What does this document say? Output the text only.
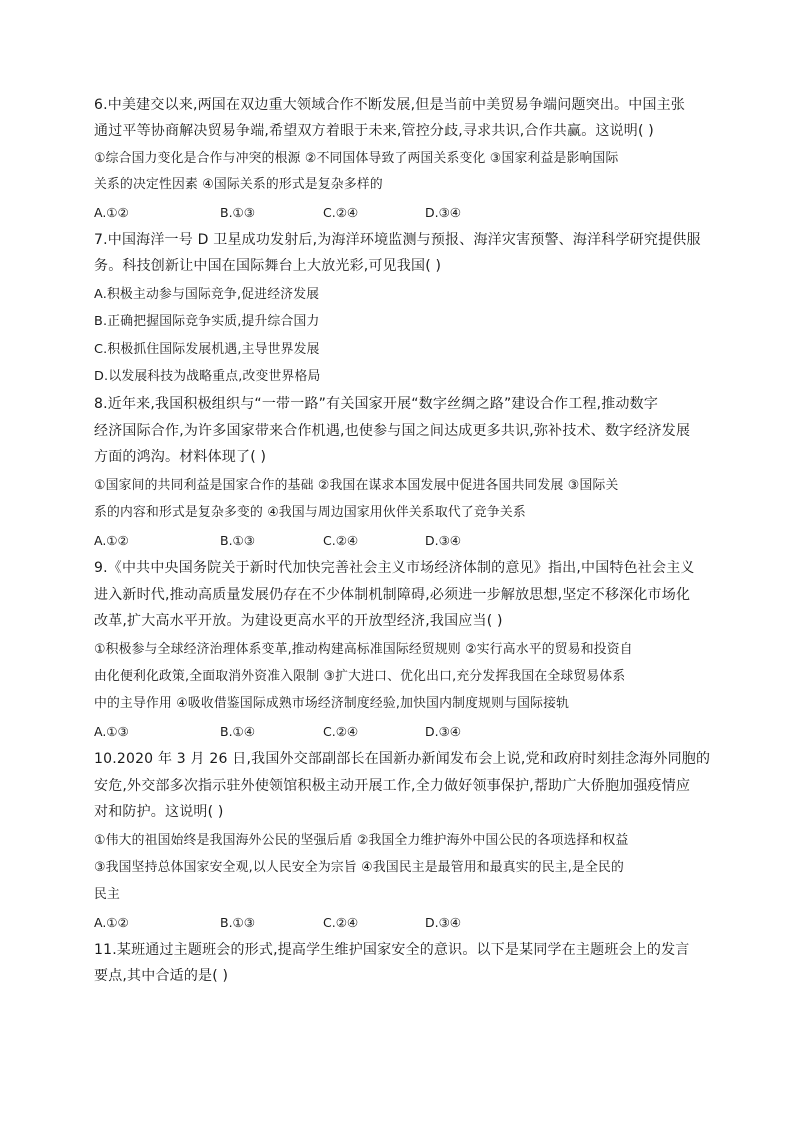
6.中美建交以来,两国在双边重大领域合作不断发展,但是当前中美贸易争端问题突出。中国主张
通过平等协商解决贸易争端,希望双方着眼于未来,管控分歧,寻求共识,合作共赢。这说明( )
①综合国力变化是合作与冲突的根源 ②不同国体导致了两国关系变化 ③国家利益是影响国际
关系的决定性因素 ④国际关系的形式是复杂多样的
A.①②	B.①③	C.②④	D.③④
7.中国海洋一号 D 卫星成功发射后,为海洋环境监测与预报、海洋灾害预警、海洋科学研究提供服
务。科技创新让中国在国际舞台上大放光彩,可见我国( )
A.积极主动参与国际竞争,促进经济发展
B.正确把握国际竞争实质,提升综合国力
C.积极抓住国际发展机遇,主导世界发展
D.以发展科技为战略重点,改变世界格局
8.近年来,我国积极组织与“一带一路”有关国家开展“数字丝绸之路”建设合作工程,推动数字
经济国际合作,为许多国家带来合作机遇,也使参与国之间达成更多共识,弥补技术、数字经济发展
方面的鸿沟。材料体现了( )
①国家间的共同利益是国家合作的基础 ②我国在谋求本国发展中促进各国共同发展 ③国际关
系的内容和形式是复杂多变的 ④我国与周边国家用伙伴关系取代了竞争关系
A.①②	B.①③	C.②④	D.③④
9.《中共中央国务院关于新时代加快完善社会主义市场经济体制的意见》指出,中国特色社会主义
进入新时代,推动高质量发展仍存在不少体制机制障碍,必须进一步解放思想,坚定不移深化市场化
改革,扩大高水平开放。为建设更高水平的开放型经济,我国应当( )
①积极参与全球经济治理体系变革,推动构建高标准国际经贸规则 ②实行高水平的贸易和投资自
由化便利化政策,全面取消外资准入限制 ③扩大进口、优化出口,充分发挥我国在全球贸易体系
中的主导作用 ④吸收借鉴国际成熟市场经济制度经验,加快国内制度规则与国际接轨
A.①③	B.①④	C.②④	D.③④
10.2020 年 3 月 26 日,我国外交部副部长在国新办新闻发布会上说,党和政府时刻挂念海外同胞的
安危,外交部多次指示驻外使领馆积极主动开展工作,全力做好领事保护,帮助广大侨胞加强疫情应
对和防护。这说明( )
①伟大的祖国始终是我国海外公民的坚强后盾 ②我国全力维护海外中国公民的各项选择和权益
③我国坚持总体国家安全观,以人民安全为宗旨 ④我国民主是最管用和最真实的民主,是全民的
民主
A.①②	B.①③	C.②④	D.③④
11.某班通过主题班会的形式,提高学生维护国家安全的意识。以下是某同学在主题班会上的发言
要点,其中合适的是( )
